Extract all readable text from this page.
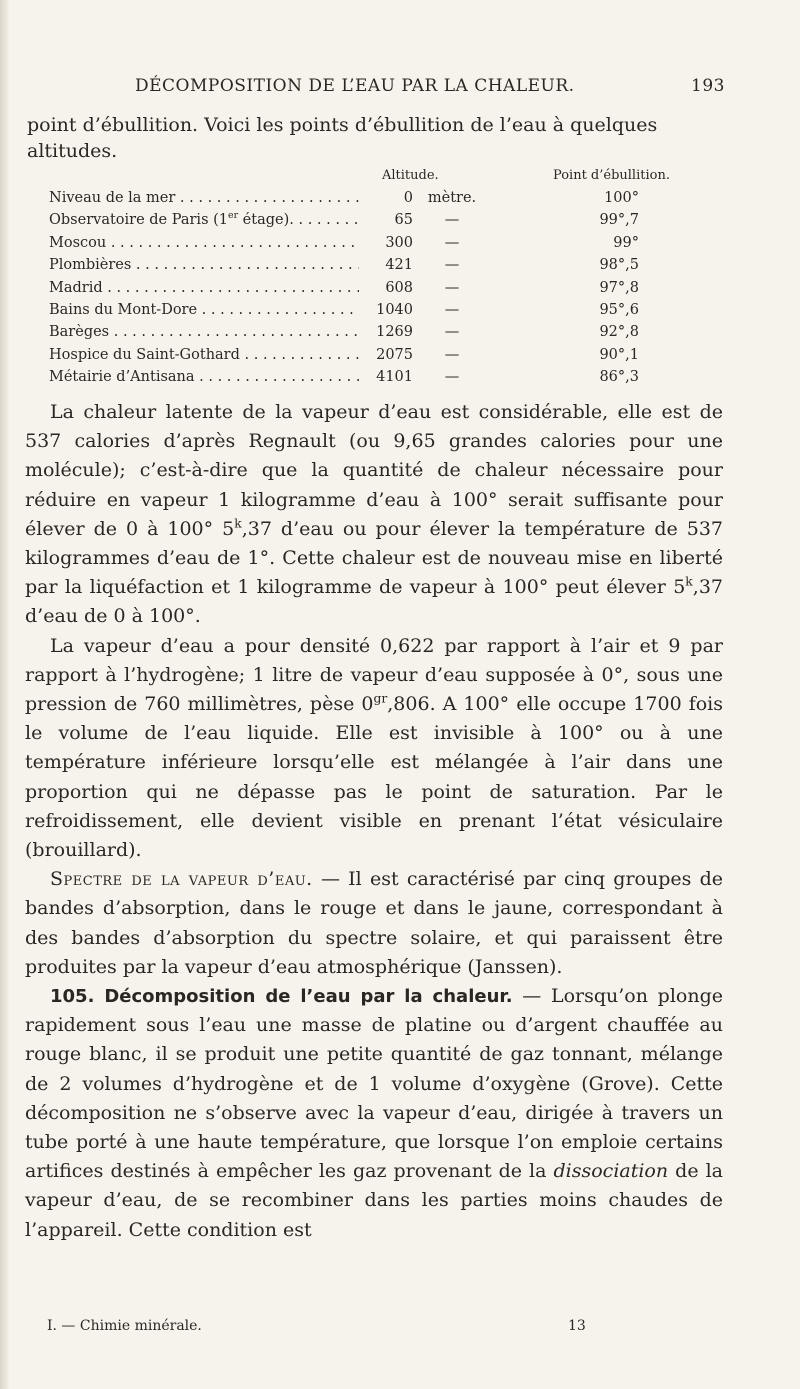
DÉCOMPOSITION DE L’EAU PAR LA CHALEUR.	193

point d’ébullition. Voici les points d’ébullition de l’eau à quelques
altitudes.

Altitude.	Point d’ébullition.
Niveau de la mer . . .	0	mètre.	100°
Observatoire de Paris (1er étage). . . . .	65	—	99°,7
Moscou . . .	300	—	99°
Plombières . . .	421	—	98°,5
Madrid . . .	608	—	97°,8
Bains du Mont-Dore . . .	1040	—	95°,6
Barèges . . .	1269	—	92°,8
Hospice du Saint-Gothard . . .	2075	—	90°,1
Métairie d’Antisana . . .	4101	—	86°,3

La chaleur latente de la vapeur d’eau est considérable, elle est de 537 calories d’après Regnault (ou 9,65 grandes calories pour une molécule); c’est-à-dire que la quantité de chaleur nécessaire pour réduire en vapeur 1 kilogramme d’eau à 100° serait suffisante pour élever de 0 à 100° 5$^k$,37 d’eau ou pour élever la température de 537 kilogrammes d’eau de 1°. Cette chaleur est de nouveau mise en liberté par la liquéfaction et 1 kilogramme de vapeur à 100° peut élever 5$^k$,37 d’eau de 0 à 100°.

La vapeur d’eau a pour densité 0,622 par rapport à l’air et 9 par rapport à l’hydrogène; 1 litre de vapeur d’eau supposée à 0°, sous une pression de 760 millimètres, pèse $0^{gr},806$. A 100° elle occupe 1700 fois le volume de l’eau liquide. Elle est invisible à 100° ou à une température inférieure lorsqu’elle est mélangée à l’air dans une proportion qui ne dépasse pas le point de saturation. Par le refroidissement, elle devient visible en prenant l’état vésiculaire (brouillard).

Spectre de la vapeur d’eau. — Il est caractérisé par cinq groupes de bandes d’absorption, dans le rouge et dans le jaune, correspondant à des bandes d’absorption du spectre solaire, et qui paraissent être produites par la vapeur d’eau atmosphérique (Janssen).

105. Décomposition de l’eau par la chaleur. — Lorsqu’on plonge rapidement sous l’eau une masse de platine ou d’argent chauffée au rouge blanc, il se produit une petite quantité de gaz tonnant, mélange de 2 volumes d’hydrogène et de 1 volume d’oxygène (Grove). Cette décomposition ne s’observe avec la vapeur d’eau, dirigée à travers un tube porté à une haute température, que lorsque l’on emploie certains artifices destinés à empêcher les gaz provenant de la dissociation de la vapeur d’eau, de se recombiner dans les parties moins chaudes de l’appareil. Cette condition est

I. — Chimie minérale.	13
